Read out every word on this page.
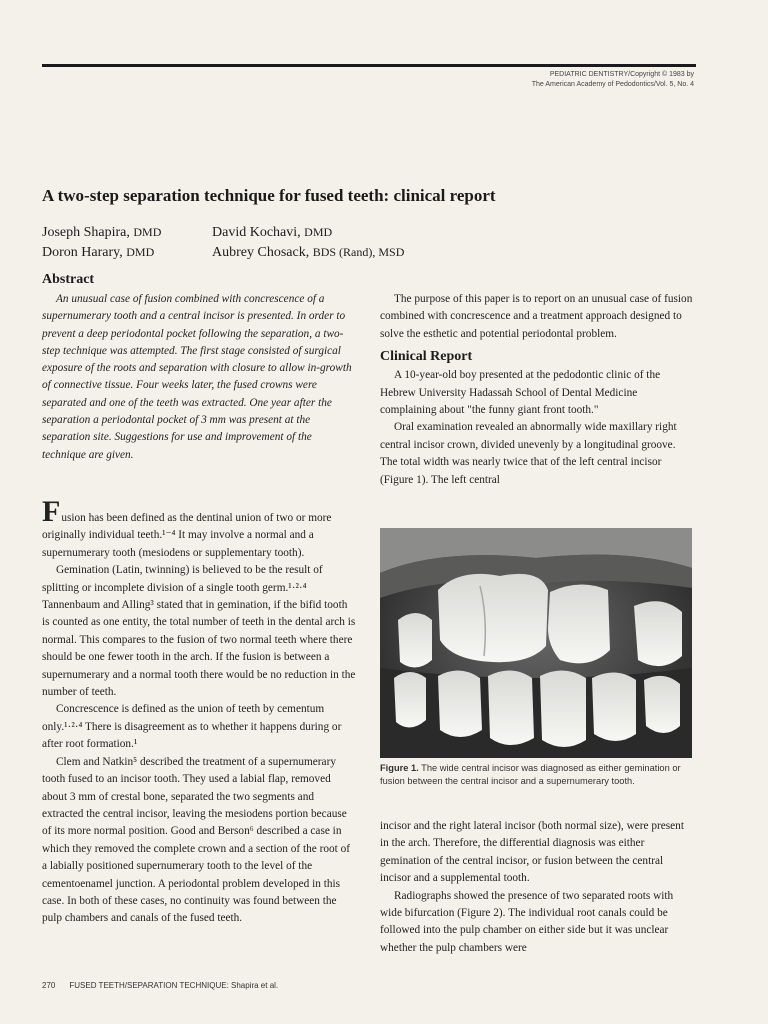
PEDIATRIC DENTISTRY/Copyright © 1983 by
The American Academy of Pedodontics/Vol. 5, No. 4
A two-step separation technique for fused teeth: clinical report
Joseph Shapira, DMD	David Kochavi, DMD
Doron Harary, DMD	Aubrey Chosack, BDS (Rand), MSD
Abstract

An unusual case of fusion combined with concrescence of a supernumerary tooth and a central incisor is presented. In order to prevent a deep periodontal pocket following the separation, a two-step technique was attempted. The first stage consisted of surgical exposure of the roots and separation with closure to allow in-growth of connective tissue. Four weeks later, the fused crowns were separated and one of the teeth was extracted. One year after the separation a periodontal pocket of 3 mm was present at the separation site. Suggestions for use and improvement of the technique are given.

Fusion has been defined as the dentinal union of two or more originally individual teeth.¹⁻⁴ It may involve a normal and a supernumerary tooth (mesiodens or supplementary tooth).

Gemination (Latin, twinning) is believed to be the result of splitting or incomplete division of a single tooth germ.¹·²·⁴ Tannenbaum and Alling³ stated that in gemination, if the bifid tooth is counted as one entity, the total number of teeth in the dental arch is normal. This compares to the fusion of two normal teeth where there should be one fewer tooth in the arch. If the fusion is between a supernumerary and a normal tooth there would be no reduction in the number of teeth.

Concrescence is defined as the union of teeth by cementum only.¹·²·⁴ There is disagreement as to whether it happens during or after root formation.¹

Clem and Natkin⁵ described the treatment of a supernumerary tooth fused to an incisor tooth. They used a labial flap, removed about 3 mm of crestal bone, separated the two segments and extracted the central incisor, leaving the mesiodens portion because of its more normal position. Good and Berson⁶ described a case in which they removed the complete crown and a section of the root of a labially positioned supernumerary tooth to the level of the cementoenamel junction. A periodontal problem developed in this case. In both of these cases, no continuity was found between the pulp chambers and canals of the fused teeth.

The purpose of this paper is to report on an unusual case of fusion combined with concrescence and a treatment approach designed to solve the esthetic and potential periodontal problem.

Clinical Report

A 10-year-old boy presented at the pedodontic clinic of the Hebrew University Hadassah School of Dental Medicine complaining about "the funny giant front tooth."

Oral examination revealed an abnormally wide maxillary right central incisor crown, divided unevenly by a longitudinal groove. The total width was nearly twice that of the left central incisor (Figure 1). The left central

Figure 1. The wide central incisor was diagnosed as either gemination or fusion between the central incisor and a supernumerary tooth.

incisor and the right lateral incisor (both normal size), were present in the arch. Therefore, the differential diagnosis was either gemination of the central incisor, or fusion between the central incisor and a supplemental tooth.

Radiographs showed the presence of two separated roots with wide bifurcation (Figure 2). The individual root canals could be followed into the pulp chamber on either side but it was unclear whether the pulp chambers were

270 FUSED TEETH/SEPARATION TECHNIQUE: Shapira et al.
